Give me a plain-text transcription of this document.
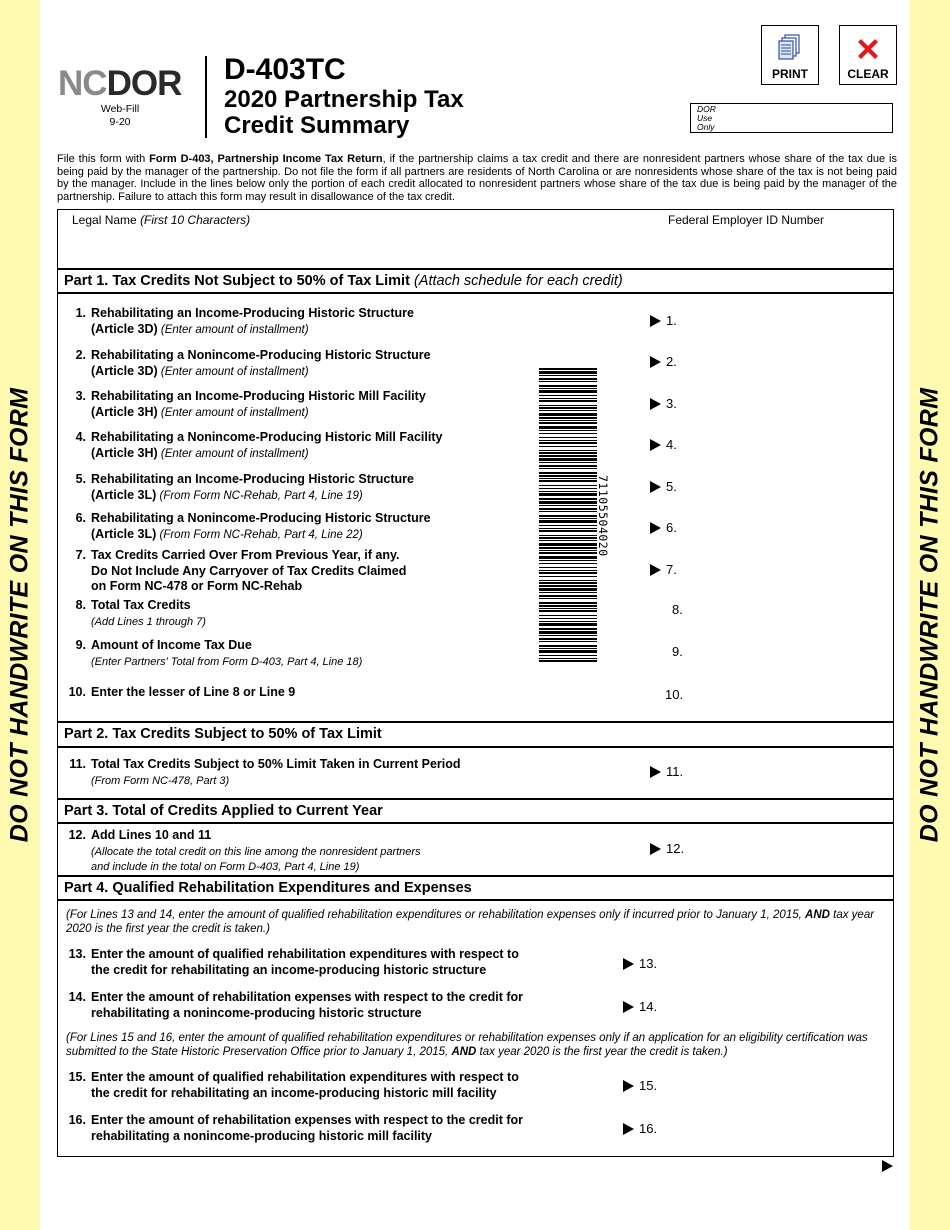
DO NOT HANDWRITE ON THIS FORM	DO NOT HANDWRITE ON THIS FORM
NCDOR
Web-Fill
9-20
D-403TC
2020 Partnership Tax
Credit Summary
PRINT	CLEAR
DOR
Use
Only
File this form with Form D-403, Partnership Income Tax Return, if the partnership claims a tax credit and there are nonresident partners whose share of the tax due is being paid by the manager of the partnership. Do not file the form if all partners are residents of North Carolina or are nonresidents whose share of the tax is not being paid by the manager. Include in the lines below only the portion of each credit allocated to nonresident partners whose share of the tax due is being paid by the manager of the partnership. Failure to attach this form may result in disallowance of the tax credit.
Legal Name (First 10 Characters)	Federal Employer ID Number
Part 1. Tax Credits Not Subject to 50% of Tax Limit (Attach schedule for each credit)
1. Rehabilitating an Income-Producing Historic Structure
(Article 3D) (Enter amount of installment)
1.
2. Rehabilitating a Nonincome-Producing Historic Structure
(Article 3D) (Enter amount of installment)
2.
3. Rehabilitating an Income-Producing Historic Mill Facility
(Article 3H) (Enter amount of installment)
3.
4. Rehabilitating a Nonincome-Producing Historic Mill Facility
(Article 3H) (Enter amount of installment)
4.
5. Rehabilitating an Income-Producing Historic Structure
(Article 3L) (From Form NC-Rehab, Part 4, Line 19)
5.
6. Rehabilitating a Nonincome-Producing Historic Structure
(Article 3L) (From Form NC-Rehab, Part 4, Line 22)	6.
7. Tax Credits Carried Over From Previous Year, if any.
Do Not Include Any Carryover of Tax Credits Claimed
on Form NC-478 or Form NC-Rehab
7.
8. Total Tax Credits
(Add Lines 1 through 7)
8.
9. Amount of Income Tax Due
(Enter Partners' Total from Form D-403, Part 4, Line 18)
9.
10. Enter the lesser of Line 8 or Line 9	10.
71105504020
Part 2. Tax Credits Subject to 50% of Tax Limit
11. Total Tax Credits Subject to 50% Limit Taken in Current Period
(From Form NC-478, Part 3)
11.
Part 3. Total of Credits Applied to Current Year
12. Add Lines 10 and 11
(Allocate the total credit on this line among the nonresident partners
and include in the total on Form D-403, Part 4, Line 19)
12.
Part 4. Qualified Rehabilitation Expenditures and Expenses
(For Lines 13 and 14, enter the amount of qualified rehabilitation expenditures or rehabilitation expenses only if incurred prior to January 1, 2015, AND tax year 2020 is the first year the credit is taken.)
13. Enter the amount of qualified rehabilitation expenditures with respect to
the credit for rehabilitating an income-producing historic structure	13.
14. Enter the amount of rehabilitation expenses with respect to the credit for
rehabilitating a nonincome-producing historic structure	14.
(For Lines 15 and 16, enter the amount of qualified rehabilitation expenditures or rehabilitation expenses only if an application for an eligibility certification was submitted to the State Historic Preservation Office prior to January 1, 2015, AND tax year 2020 is the first year the credit is taken.)
15. Enter the amount of qualified rehabilitation expenditures with respect to
the credit for rehabilitating an income-producing historic mill facility	15.
16. Enter the amount of rehabilitation expenses with respect to the credit for
rehabilitating a nonincome-producing historic mill facility	16.
